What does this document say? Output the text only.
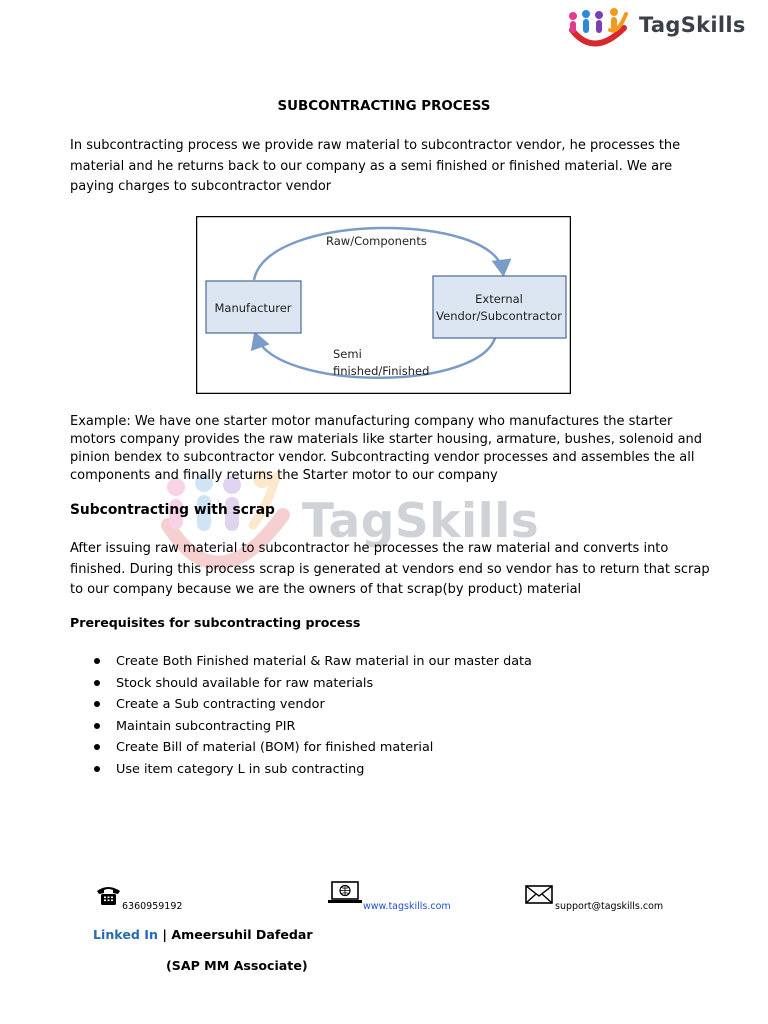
TagSkills
TagSkills
SUBCONTRACTING PROCESS
In subcontracting process we provide raw material to subcontractor vendor, he processes the material and he returns back to our company as a semi finished or finished material. We are paying charges to subcontractor vendor
Manufacturer
External
Vendor/Subcontractor
Raw/Components
Semi
finished/Finished
Example: We have one starter motor manufacturing company who manufactures the starter motors company provides the raw materials like starter housing, armature, bushes, solenoid and pinion bendex to subcontractor vendor. Subcontracting vendor processes and assembles the all components and finally returns the Starter motor to our company
Subcontracting with scrap
After issuing raw material to subcontractor he processes the raw material and converts into finished. During this process scrap is generated at vendors end so vendor has to return that scrap to our company because we are the owners of that scrap(by product) material
Prerequisites for subcontracting process
Create Both Finished material & Raw material in our master data
Stock should available for raw materials
Create a Sub contracting vendor
Maintain subcontracting PIR
Create Bill of material (BOM) for finished material
Use item category L in sub contracting
6360959192	www.tagskills.com	support@tagskills.com
Linked In | Ameersuhil Dafedar
(SAP MM Associate)
